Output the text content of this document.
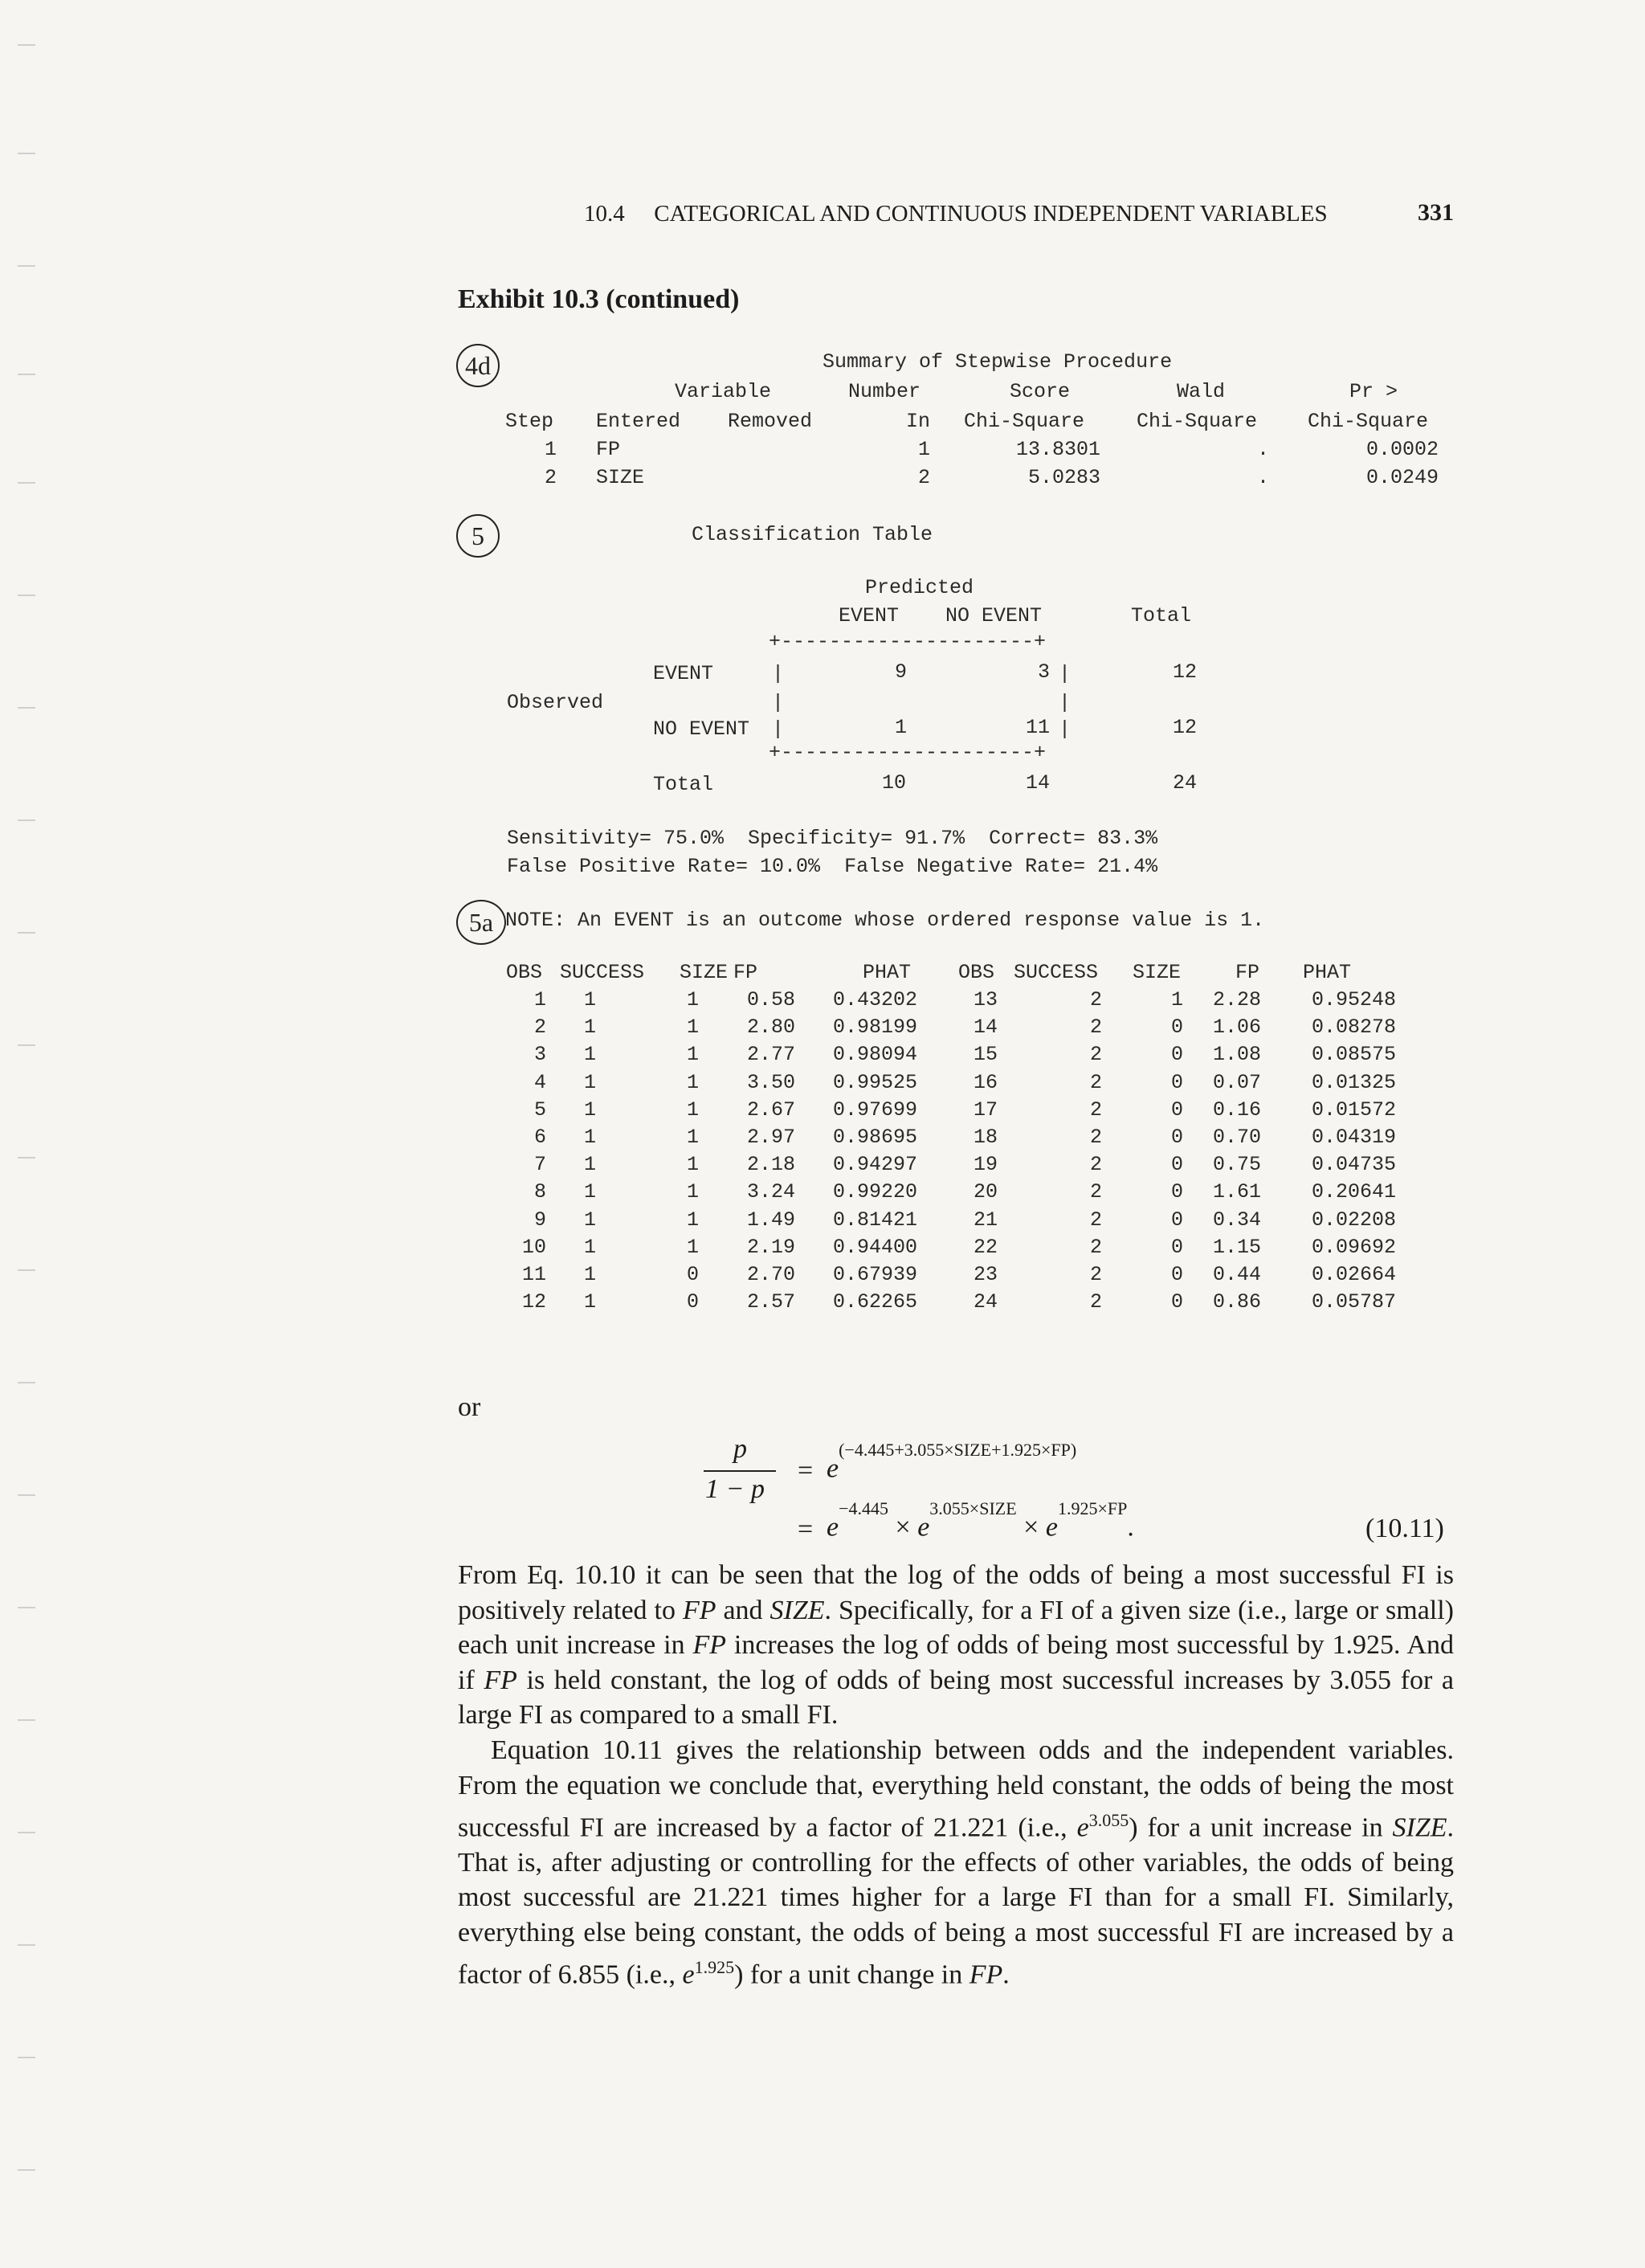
10.4 CATEGORICAL AND CONTINUOUS INDEPENDENT VARIABLES	331
Exhibit 10.3 (continued)
4d	Summary of Stepwise Procedure
Variable	Number	Score	Wald	Pr >
Step Entered Removed	In Chi-Square	Chi-Square	Chi-Square
1 FP	1	13.8301	.	0.0002
2 SIZE	2	5.0283	.	0.0249
5	Classification Table
Predicted
EVENT NO EVENT	Total
+---------------------+
EVENT	|	9	3 |	12
Observed	|	|
NO EVENT |	1	11 |	12
+---------------------+
Total	10	14	24
Sensitivity= 75.0%  Specificity= 91.7%  Correct= 83.3%
False Positive Rate= 10.0%  False Negative Rate= 21.4%
5a NOTE: An EVENT is an outcome whose ordered response value is 1.
OBS SUCCESS SIZE FP	PHAT OBS SUCCESS SIZE	FP PHAT
1	1	1	0.58	0.43202
2	1	1	2.80	0.98199
3	1	1	2.77	0.98094
4	1	1	3.50	0.99525
5	1	1	2.67	0.97699
6	1	1	2.97	0.98695
7	1	1	2.18	0.94297
8	1	1	3.24	0.99220
9	1	1	1.49	0.81421
10	1	1	2.19	0.94400
11	1	0	2.70	0.67939
12	1	0	2.57	0.62265
13	2	1	2.28	0.95248
14	2	0	1.06	0.08278
15	2	0	1.08	0.08575
16	2	0	0.07	0.01325
17	2	0	0.16	0.01572
18	2	0	0.70	0.04319
19	2	0	0.75	0.04735
20	2	0	1.61	0.20641
21	2	0	0.34	0.02208
22	2	0	1.15	0.09692
23	2	0	0.44	0.02664
24	2	0	0.86	0.05787
or
p
1 − p
= $e^{(-4.445+3.055\times SIZE+1.925\times FP)}$
= $e^{-4.445} \times e^{3.055\times SIZE} \times e^{1.925\times FP}$.	(10.11)

From Eq. 10.10 it can be seen that the log of the odds of being a most successful FI is positively related to FP and SIZE. Specifically, for a FI of a given size (i.e., large or small) each unit increase in FP increases the log of odds of being most successful by 1.925. And if FP is held constant, the log of odds of being most successful increases by 3.055 for a large FI as compared to a small FI.

Equation 10.11 gives the relationship between odds and the independent variables. From the equation we conclude that, everything held constant, the odds of being the most successful FI are increased by a factor of 21.221 (i.e., $e^{3.055}$) for a unit increase in SIZE. That is, after adjusting or controlling for the effects of other variables, the odds of being most successful are 21.221 times higher for a large FI than for a small FI. Similarly, everything else being constant, the odds of being a most successful FI are increased by a factor of 6.855 (i.e., $e^{1.925}$) for a unit change in FP.
